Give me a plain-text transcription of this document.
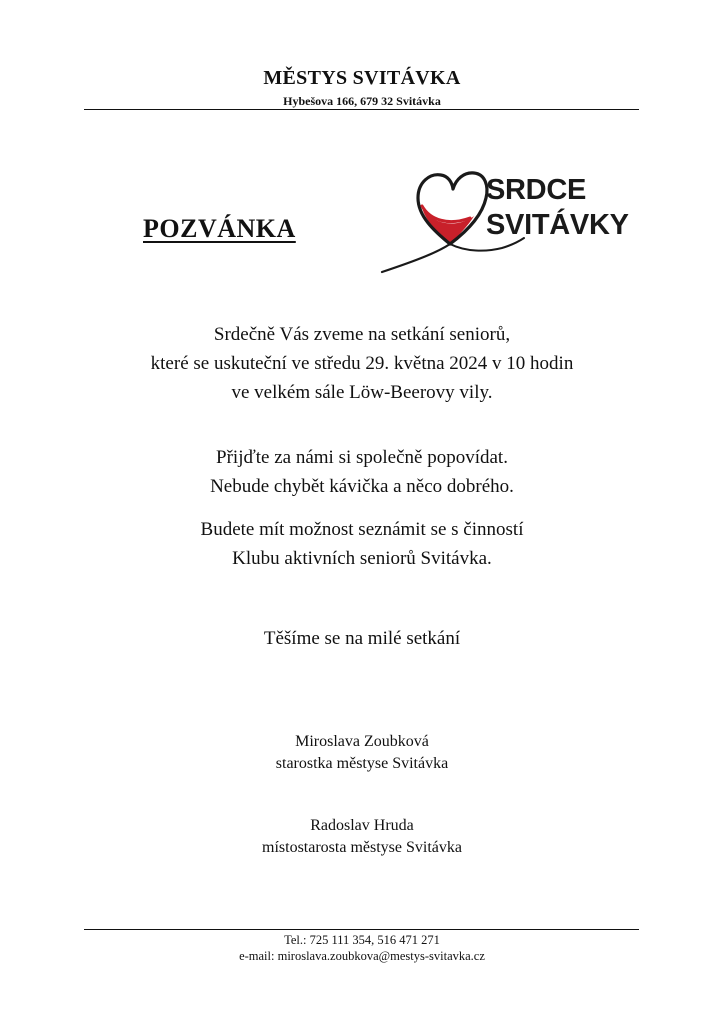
MĚSTYS SVITÁVKA
Hybešova 166, 679 32 Svitávka
POZVÁNKA
SRDCE
SVITÁVKY
Srdečně Vás zveme na setkání seniorů,
které se uskuteční ve středu 29. května 2024 v 10 hodin
ve velkém sále Löw-Beerovy vily.
Přijďte za námi si společně popovídat.
Nebude chybět kávička a něco dobrého.
Budete mít možnost seznámit se s činností
Klubu aktivních seniorů Svitávka.
Těšíme se na milé setkání
Miroslava Zoubková
starostka městyse Svitávka
Radoslav Hruda
místostarosta městyse Svitávka
Tel.: 725 111 354, 516 471 271
e-mail: miroslava.zoubkova@mestys-svitavka.cz
